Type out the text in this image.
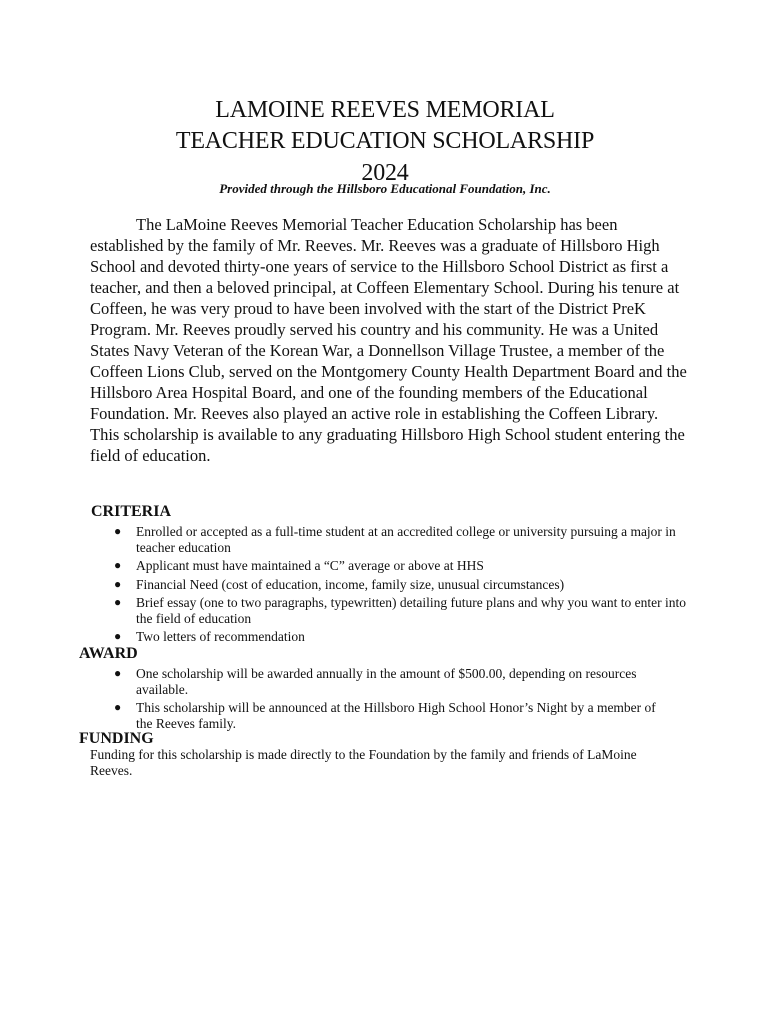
LAMOINE REEVES MEMORIAL
TEACHER EDUCATION SCHOLARSHIP
2024

Provided through the Hillsboro Educational Foundation, Inc.

The LaMoine Reeves Memorial Teacher Education Scholarship has been established by the family of Mr. Reeves. Mr. Reeves was a graduate of Hillsboro High School and devoted thirty-one years of service to the Hillsboro School District as first a teacher, and then a beloved principal, at Coffeen Elementary School. During his tenure at Coffeen, he was very proud to have been involved with the start of the District PreK Program. Mr. Reeves proudly served his country and his community. He was a United States Navy Veteran of the Korean War, a Donnellson Village Trustee, a member of the Coffeen Lions Club, served on the Montgomery County Health Department Board and the Hillsboro Area Hospital Board, and one of the founding members of the Educational Foundation. Mr. Reeves also played an active role in establishing the Coffeen Library. This scholarship is available to any graduating Hillsboro High School student entering the field of education.

CRITERIA
● Enrolled or accepted as a full-time student at an accredited college or university pursuing a major in teacher education
● Applicant must have maintained a “C” average or above at HHS
● Financial Need (cost of education, income, family size, unusual circumstances)
● Brief essay (one to two paragraphs, typewritten) detailing future plans and why you want to enter into the field of education
● Two letters of recommendation
AWARD
● One scholarship will be awarded annually in the amount of $500.00, depending on resources available.
● This scholarship will be announced at the Hillsboro High School Honor’s Night by a member of the Reeves family.
FUNDING

Funding for this scholarship is made directly to the Foundation by the family and friends of LaMoine Reeves.
